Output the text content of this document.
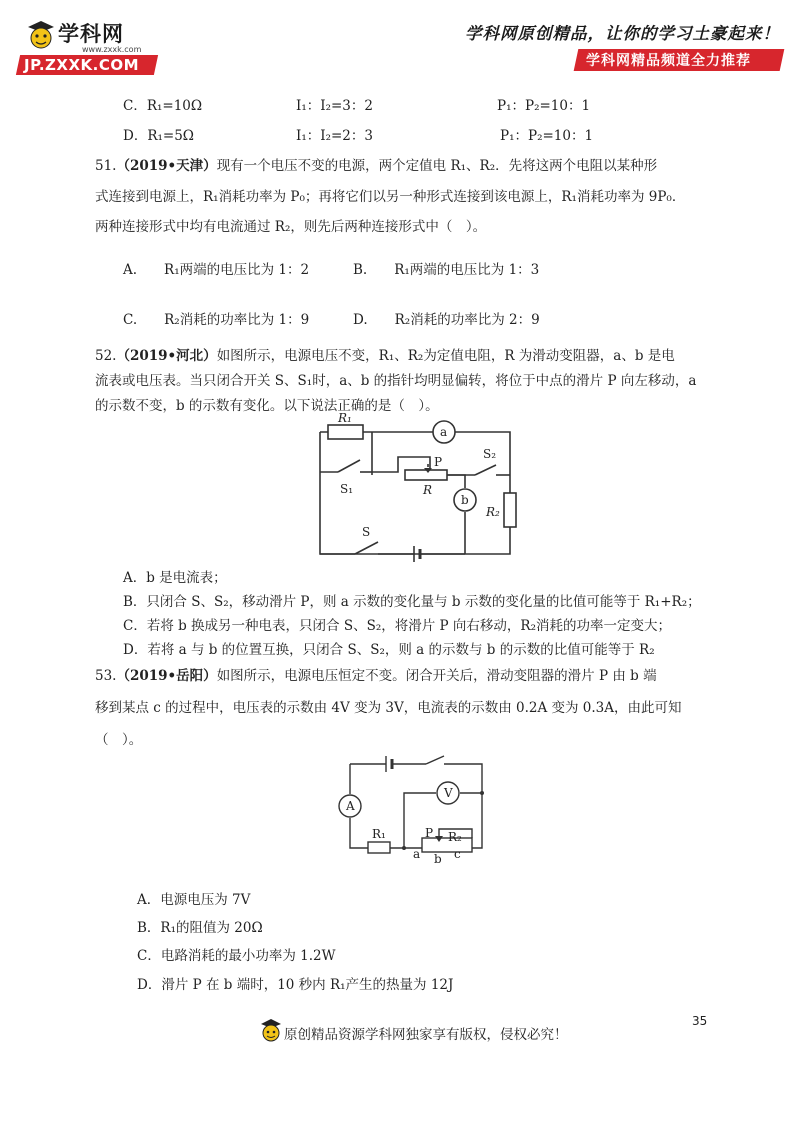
学科网
www.zxxk.com
JP.ZXXK.COM
学科网原创精品，让你的学习土豪起来！
学科网精品频道全力推荐
C．R₁=10Ω	I₁：I₂=3：2	P₁：P₂=10：1
D．R₁=5Ω	I₁：I₂=2：3	P₁：P₂=10：1
51.（2019•天津）现有一个电压不变的电源，两个定值电 R₁、R₂．先将这两个电阻以某种形
式连接到电源上，R₁消耗功率为 P₀；再将它们以另一种形式连接到该电源上，R₁消耗功率为 9P₀．
两种连接形式中均有电流通过 R₂，则先后两种连接形式中（　）。
A.　　R₁两端的电压比为 1：2	B.　　R₁两端的电压比为 1：3
C.　　R₂消耗的功率比为 1：9	D.　　R₂消耗的功率比为 2：9
52.（2019•河北）如图所示，电源电压不变，R₁、R₂为定值电阻，R 为滑动变阻器，a、b 是电
流表或电压表。当只闭合开关 S、S₁时，a、b 的指针均明显偏转，将位于中点的滑片 P 向左移动，a
的示数不变，b 的示数有变化。以下说法正确的是（　）。
R₁
a
P
S₂
R
S₁
b
R₂
S
A．b 是电流表；
B．只闭合 S、S₂，移动滑片 P，则 a 示数的变化量与 b 示数的变化量的比值可能等于 R₁+R₂；
C．若将 b 换成另一种电表，只闭合 S、S₂，将滑片 P 向右移动，R₂消耗的功率一定变大；
D．若将 a 与 b 的位置互换，只闭合 S、S₂，则 a 的示数与 b 的示数的比值可能等于 R₂
53.（2019•岳阳）如图所示，电源电压恒定不变。闭合开关后，滑动变阻器的滑片 P 由 b 端
移到某点 c 的过程中，电压表的示数由 4V 变为 3V，电流表的示数由 0.2A 变为 0.3A，由此可知
（　）。
A
V
R₁	P R₂
a b c
A．电源电压为 7V
B．R₁的阻值为 20Ω
C．电路消耗的最小功率为 1.2W
D．滑片 P 在 b 端时，10 秒内 R₁产生的热量为 12J
35
原创精品资源学科网独家享有版权，侵权必究！
